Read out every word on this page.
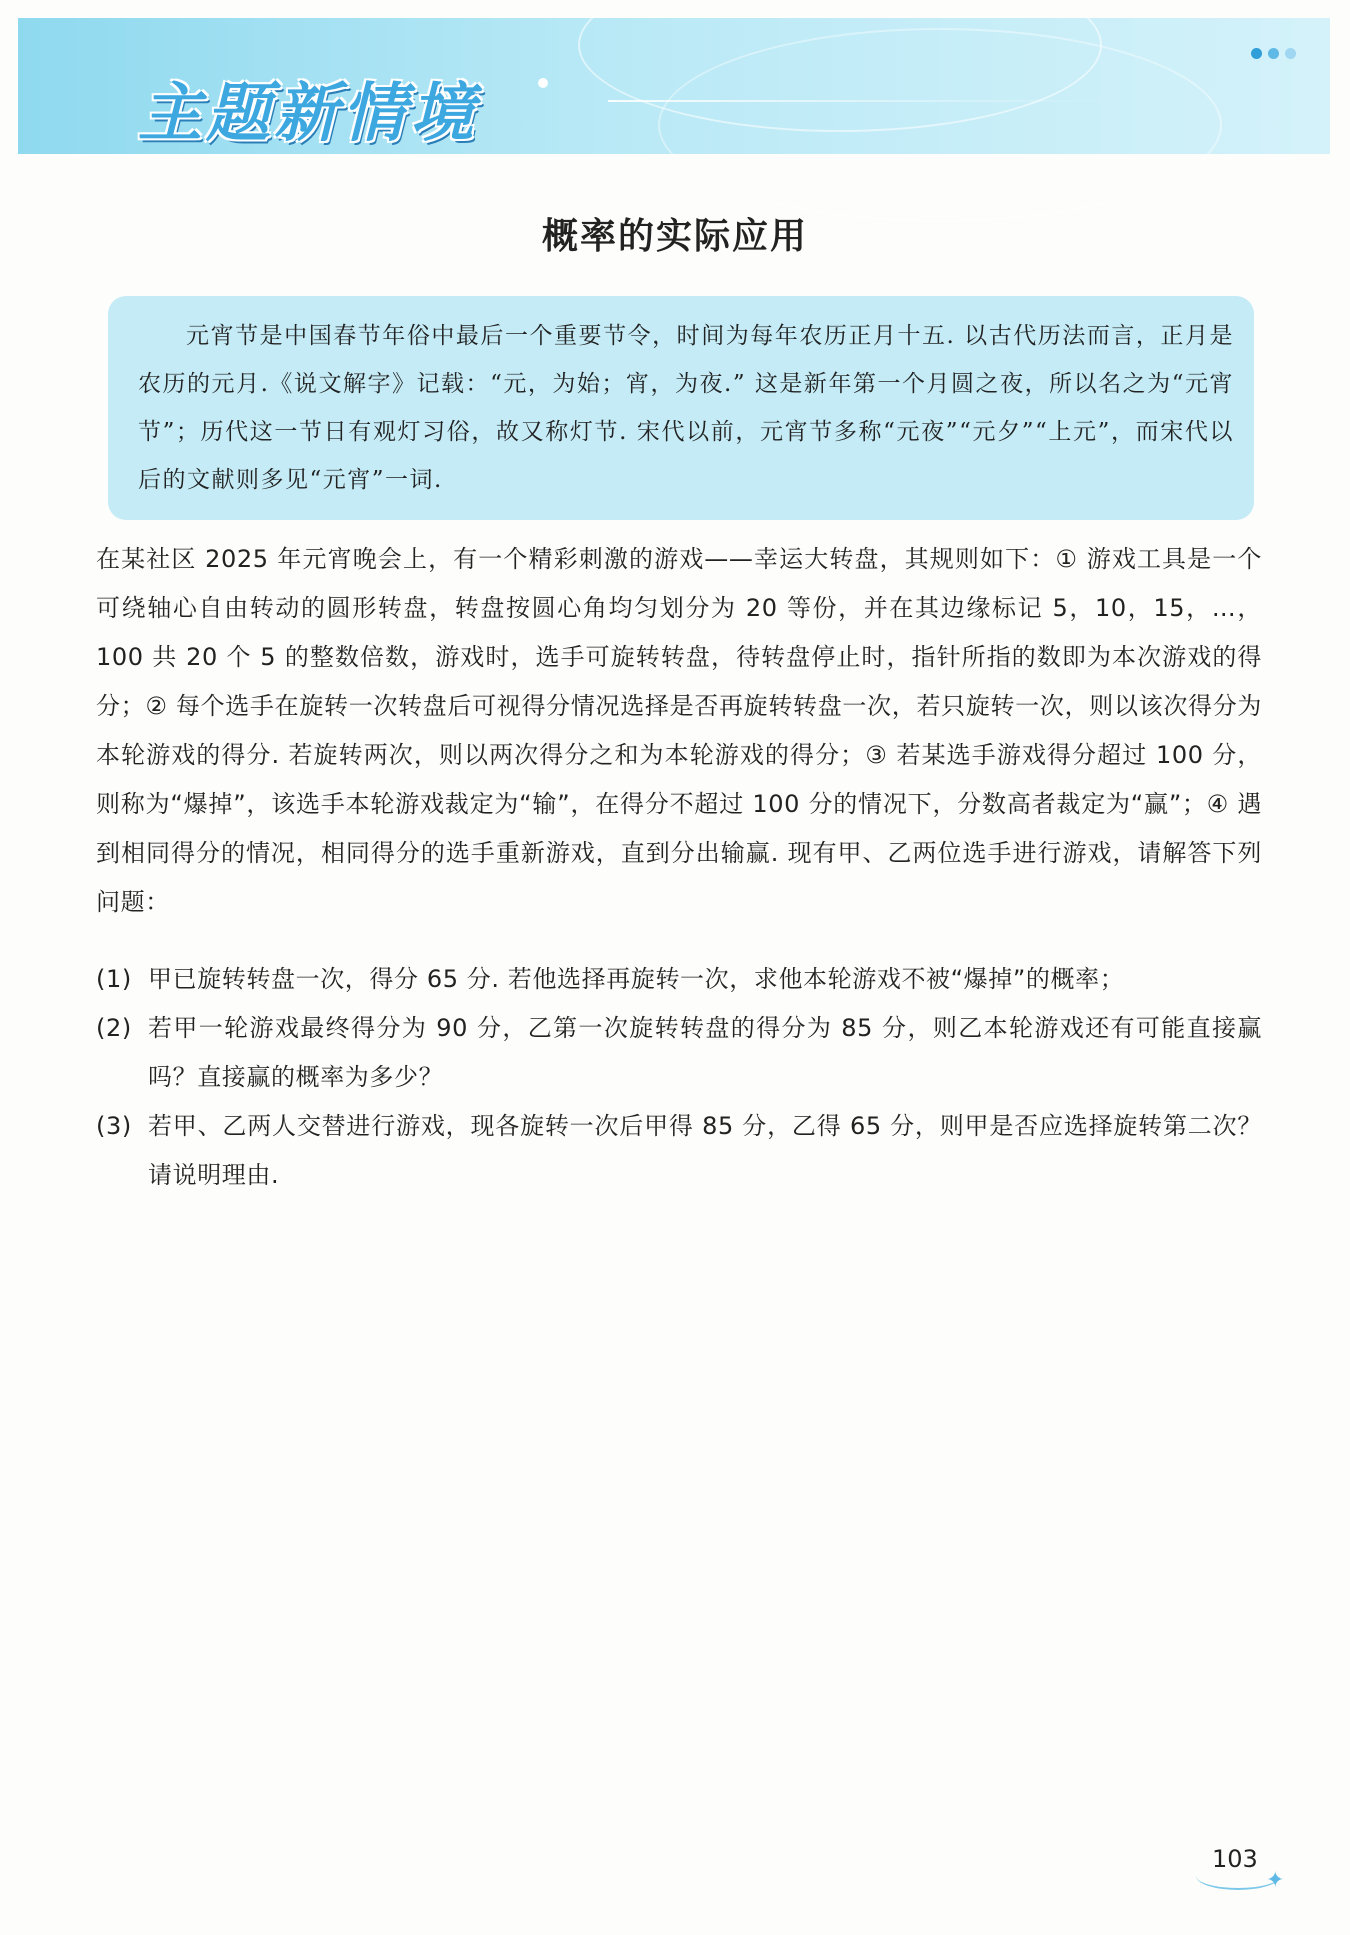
主题新情境
概率的实际应用
元宵节是中国春节年俗中最后一个重要节令，时间为每年农历正月十五. 以古代历法而言，正月是农历的元月.《说文解字》记载：“元，为始；宵，为夜.” 这是新年第一个月圆之夜，所以名之为“元宵节”；历代这一节日有观灯习俗，故又称灯节. 宋代以前，元宵节多称“元夜”“元夕”“上元”，而宋代以后的文献则多见“元宵”一词.
在某社区 2025 年元宵晚会上，有一个精彩刺激的游戏——幸运大转盘，其规则如下：① 游戏工具是一个可绕轴心自由转动的圆形转盘，转盘按圆心角均匀划分为 20 等份，并在其边缘标记 5，10，15，…，100 共 20 个 5 的整数倍数，游戏时，选手可旋转转盘，待转盘停止时，指针所指的数即为本次游戏的得分；② 每个选手在旋转一次转盘后可视得分情况选择是否再旋转转盘一次，若只旋转一次，则以该次得分为本轮游戏的得分. 若旋转两次，则以两次得分之和为本轮游戏的得分；③ 若某选手游戏得分超过 100 分，则称为“爆掉”，该选手本轮游戏裁定为“输”，在得分不超过 100 分的情况下，分数高者裁定为“赢”；④ 遇到相同得分的情况，相同得分的选手重新游戏，直到分出输赢. 现有甲、乙两位选手进行游戏，请解答下列问题：
(1) 甲已旋转转盘一次，得分 65 分. 若他选择再旋转一次，求他本轮游戏不被“爆掉”的概率；
(2) 若甲一轮游戏最终得分为 90 分，乙第一次旋转转盘的得分为 85 分，则乙本轮游戏还有可能直接赢吗？直接赢的概率为多少？
(3) 若甲、乙两人交替进行游戏，现各旋转一次后甲得 85 分，乙得 65 分，则甲是否应选择旋转第二次？请说明理由.
103
✦
